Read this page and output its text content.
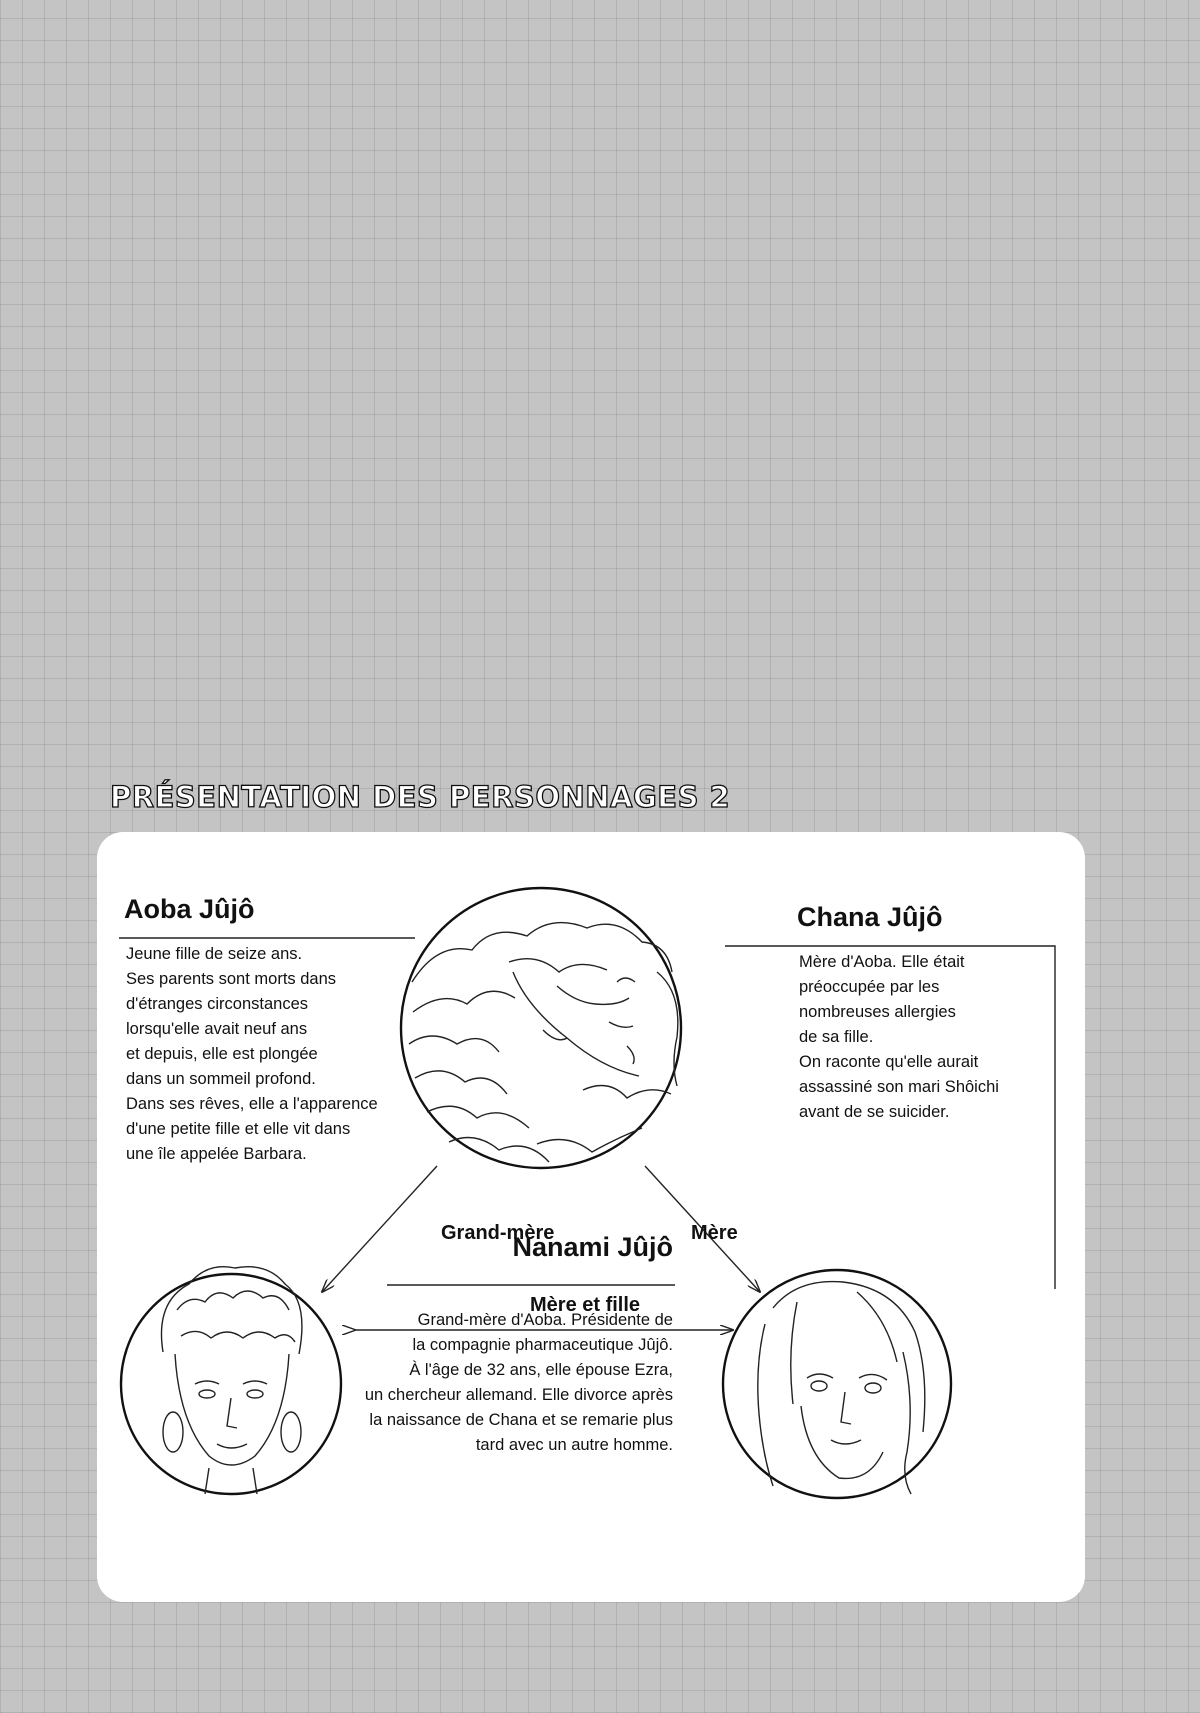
PRÉSENTATION DES PERSONNAGES 2
Aoba Jûjô
Jeune fille de seize ans.
Ses parents sont morts dans
d'étranges circonstances
lorsqu'elle avait neuf ans
et depuis, elle est plongée
dans un sommeil profond.
Dans ses rêves, elle a l'apparence
d'une petite fille et elle vit dans
une île appelée Barbara.
Chana Jûjô
Mère d'Aoba. Elle était
préoccupée par les
nombreuses allergies
de sa fille.
On raconte qu'elle aurait
assassiné son mari Shôichi
avant de se suicider.
Grand-mère	Mère
Mère et fille
Nanami Jûjô
Grand-mère d'Aoba. Présidente de
la compagnie pharmaceutique Jûjô.
À l'âge de 32 ans, elle épouse Ezra,
un chercheur allemand. Elle divorce après
la naissance de Chana et se remarie plus
tard avec un autre homme.
